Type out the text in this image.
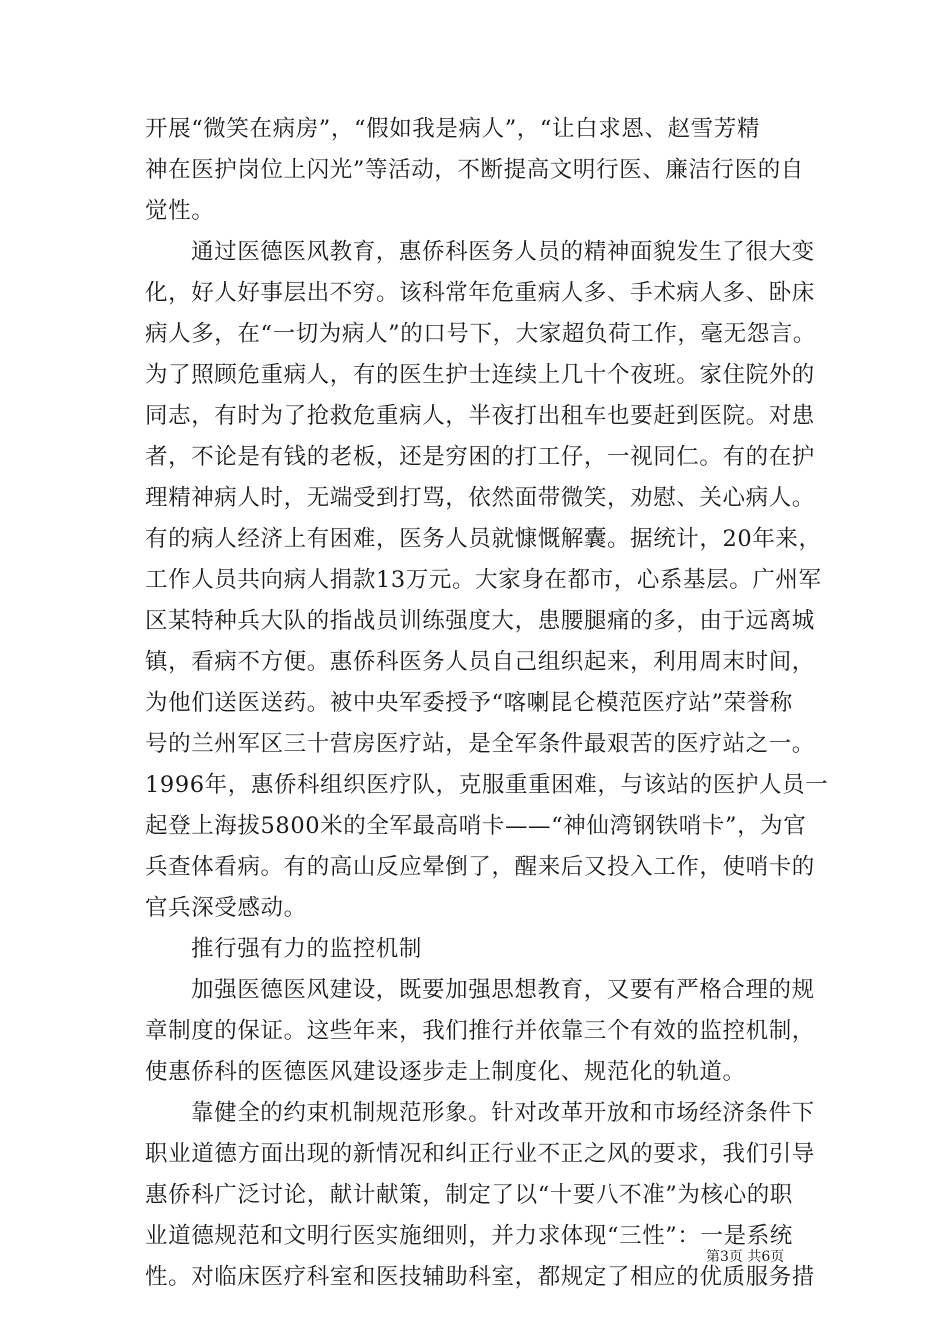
开展“微笑在病房”，“假如我是病人”，“让白求恩、赵雪芳精
神在医护岗位上闪光”等活动，不断提高文明行医、廉洁行医的自
觉性。
通过医德医风教育，惠侨科医务人员的精神面貌发生了很大变
化，好人好事层出不穷。该科常年危重病人多、手术病人多、卧床
病人多，在“一切为病人”的口号下，大家超负荷工作，毫无怨言。
为了照顾危重病人，有的医生护士连续上几十个夜班。家住院外的
同志，有时为了抢救危重病人，半夜打出租车也要赶到医院。对患
者，不论是有钱的老板，还是穷困的打工仔，一视同仁。有的在护
理精神病人时，无端受到打骂，依然面带微笑，劝慰、关心病人。
有的病人经济上有困难，医务人员就慷慨解囊。据统计，20年来，
工作人员共向病人捐款13万元。大家身在都市，心系基层。广州军
区某特种兵大队的指战员训练强度大，患腰腿痛的多，由于远离城
镇，看病不方便。惠侨科医务人员自己组织起来，利用周末时间，
为他们送医送药。被中央军委授予“喀喇昆仑模范医疗站”荣誉称
号的兰州军区三十营房医疗站，是全军条件最艰苦的医疗站之一。
1996年，惠侨科组织医疗队，克服重重困难，与该站的医护人员一
起登上海拔5800米的全军最高哨卡——“神仙湾钢铁哨卡”，为官
兵查体看病。有的高山反应晕倒了，醒来后又投入工作，使哨卡的
官兵深受感动。
推行强有力的监控机制
加强医德医风建设，既要加强思想教育，又要有严格合理的规
章制度的保证。这些年来，我们推行并依靠三个有效的监控机制，
使惠侨科的医德医风建设逐步走上制度化、规范化的轨道。
靠健全的约束机制规范形象。针对改革开放和市场经济条件下
职业道德方面出现的新情况和纠正行业不正之风的要求，我们引导
惠侨科广泛讨论，献计献策，制定了以“十要八不准”为核心的职
业道德规范和文明行医实施细则，并力求体现“三性”：一是系统
性。对临床医疗科室和医技辅助科室，都规定了相应的优质服务措
第3页 共6页
